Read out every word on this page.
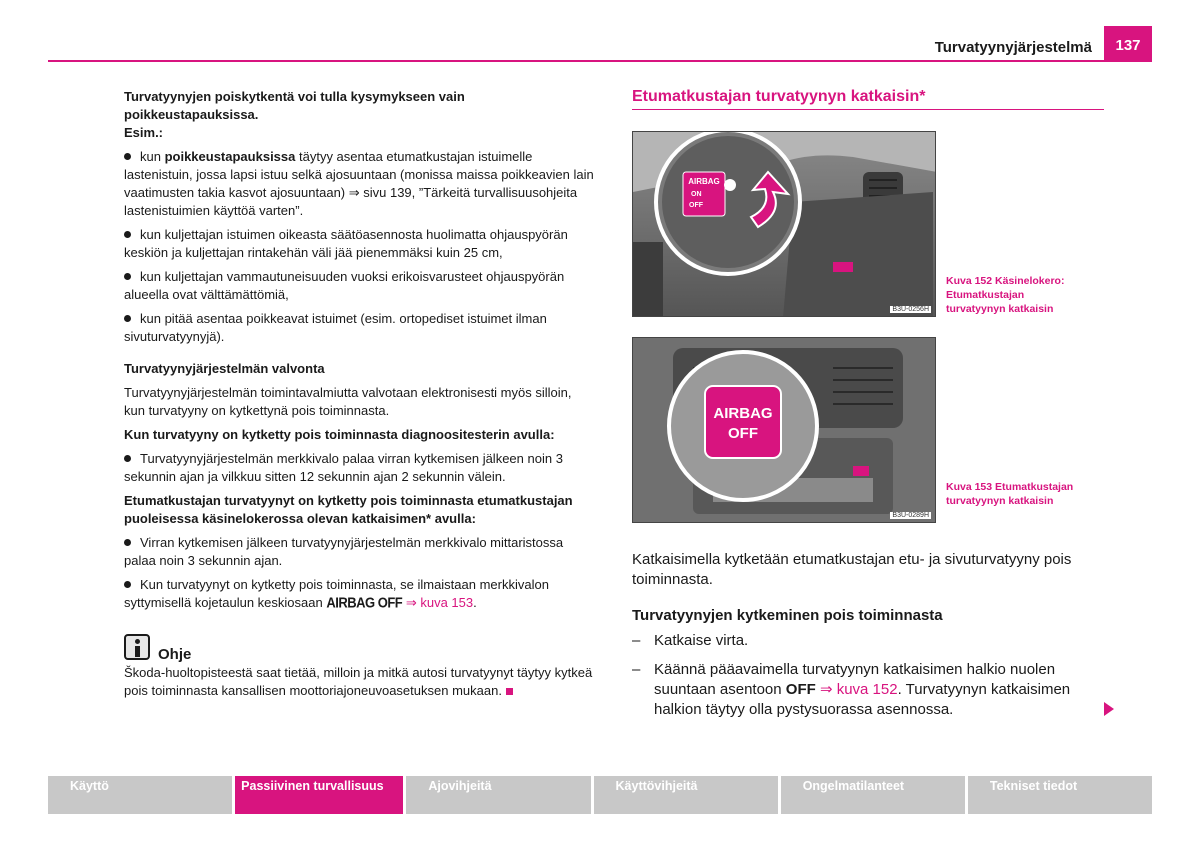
Turvatyynyjärjestelmä	137

Turvatyynyjen poiskytkentä voi tulla kysymykseen vain poikkeustapauksissa.
Esim.:

kun poikkeustapauksissa täytyy asentaa etumatkustajan istuimelle lastenistuin, jossa lapsi istuu selkä ajosuuntaan (monissa maissa poikkeavien lain vaatimusten takia kasvot ajosuuntaan) ⇒ sivu 139, ”Tärkeitä turvallisuusohjeita lastenistuimien käyttöä varten”.

kun kuljettajan istuimen oikeasta säätöasennosta huolimatta ohjauspyörän keskiön ja kuljettajan rintakehän väli jää pienemmäksi kuin 25 cm,

kun kuljettajan vammautuneisuuden vuoksi erikoisvarusteet ohjauspyörän alueella ovat välttämättömiä,

kun pitää asentaa poikkeavat istuimet (esim. ortopediset istuimet ilman sivuturvatyynyjä).

Turvatyynyjärjestelmän valvonta

Turvatyynyjärjestelmän toimintavalmiutta valvotaan elektronisesti myös silloin, kun turvatyyny on kytkettynä pois toiminnasta.

Kun turvatyyny on kytketty pois toiminnasta diagnoositesterin avulla:

Turvatyynyjärjestelmän merkkivalo palaa virran kytkemisen jälkeen noin 3 sekunnin ajan ja vilkkuu sitten 12 sekunnin ajan 2 sekunnin välein.

Etumatkustajan turvatyynyt on kytketty pois toiminnasta etumatkustajan puoleisessa käsinelokerossa olevan katkaisimen* avulla:

Virran kytkemisen jälkeen turvatyynyjärjestelmän merkkivalo mittaristossa palaa noin 3 sekunnin ajan.

Kun turvatyynyt on kytketty pois toiminnasta, se ilmaistaan merkkivalon syttymisellä kojetaulun keskiosaan AIRBAG OFF ⇒ kuva 153.

Ohje

Škoda-huoltopisteestä saat tietää, milloin ja mitkä autosi turvatyynyt täytyy kytkeä pois toiminnasta kansallisen moottoriajoneuvoasetuksen mukaan.

Etumatkustajan turvatyynyn katkaisin*
AIRBAG
ON
OFF
B3U-0256H
Kuva 152 Käsinelokero: Etumatkustajan turvatyynyn katkaisin
AIRBAG
OFF
B3U-0289H
Kuva 153 Etumatkustajan turvatyynyn katkaisin
Katkaisimella kytketään etumatkustajan etu- ja sivuturvatyyny pois toiminnasta.
Turvatyynyjen kytkeminen pois toiminnasta
– Katkaise virta.
– Käännä pääavaimella turvatyynyn katkaisimen halkio nuolen suuntaan asentoon OFF ⇒ kuva 152. Turvatyynyn katkaisimen halkion täytyy olla pystysuorassa asennossa.
Käyttö	Passiivinen turvallisuus	Ajovihjeitä	Käyttövihjeitä	Ongelmatilanteet	Tekniset tiedot
